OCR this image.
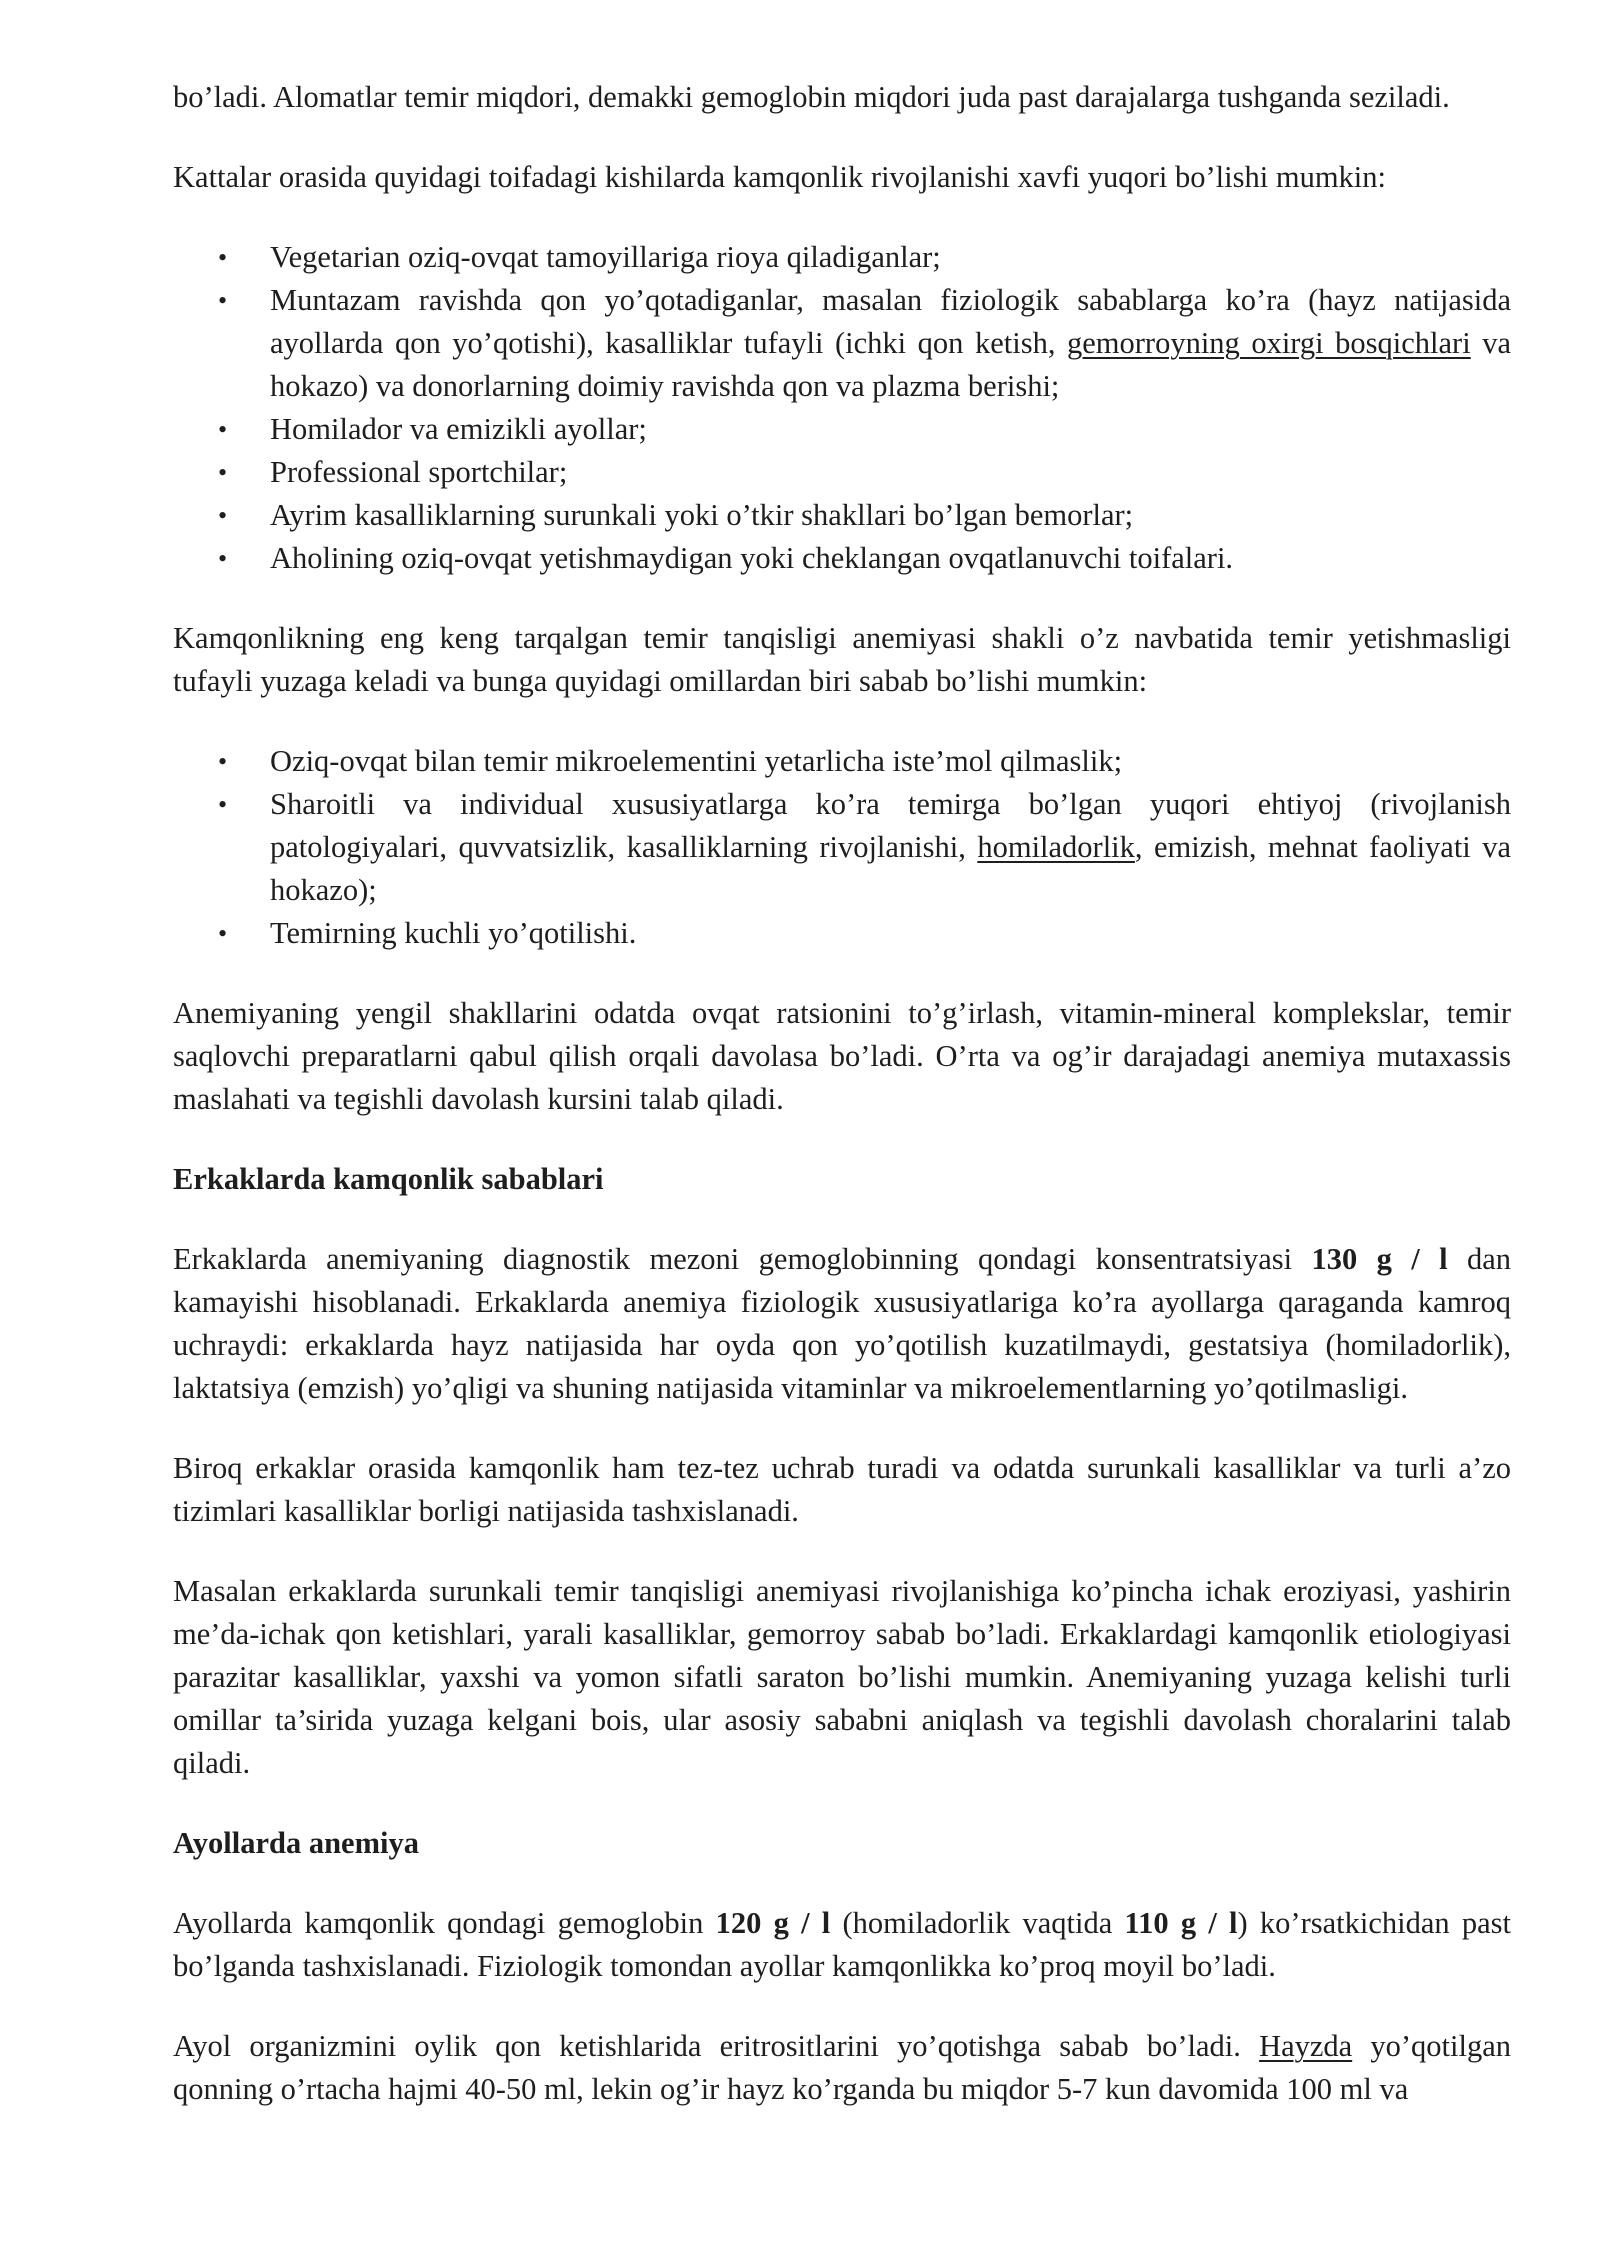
bo’ladi. Alomatlar temir miqdori, demakki gemoglobin miqdori juda past darajalarga tushganda seziladi.

Kattalar orasida quyidagi toifadagi kishilarda kamqonlik rivojlanishi xavfi yuqori bo’lishi mumkin:

• Vegetarian oziq-ovqat tamoyillariga rioya qiladiganlar;
• Muntazam ravishda qon yo’qotadiganlar, masalan fiziologik sabablarga ko’ra (hayz natijasida ayollarda qon yo’qotishi), kasalliklar tufayli (ichki qon ketish, gemorroyning oxirgi bosqichlari va hokazo) va donorlarning doimiy ravishda qon va plazma berishi;
• Homilador va emizikli ayollar;
• Professional sportchilar;
• Ayrim kasalliklarning surunkali yoki o’tkir shakllari bo’lgan bemorlar;
• Aholining oziq-ovqat yetishmaydigan yoki cheklangan ovqatlanuvchi toifalari.

Kamqonlikning eng keng tarqalgan temir tanqisligi anemiyasi shakli o’z navbatida temir yetishmasligi tufayli yuzaga keladi va bunga quyidagi omillardan biri sabab bo’lishi mumkin:

• Oziq-ovqat bilan temir mikroelementini yetarlicha iste’mol qilmaslik;
• Sharoitli va individual xususiyatlarga ko’ra temirga bo’lgan yuqori ehtiyoj (rivojlanish patologiyalari, quvvatsizlik, kasalliklarning rivojlanishi, homiladorlik, emizish, mehnat faoliyati va hokazo);
• Temirning kuchli yo’qotilishi.

Anemiyaning yengil shakllarini odatda ovqat ratsionini to’g’irlash, vitamin-mineral komplekslar, temir saqlovchi preparatlarni qabul qilish orqali davolasa bo’ladi. O’rta va og’ir darajadagi anemiya mutaxassis maslahati va tegishli davolash kursini talab qiladi.

Erkaklarda kamqonlik sabablari

Erkaklarda anemiyaning diagnostik mezoni gemoglobinning qondagi konsentratsiyasi 130 g / l dan kamayishi hisoblanadi. Erkaklarda anemiya fiziologik xususiyatlariga ko’ra ayollarga qaraganda kamroq uchraydi: erkaklarda hayz natijasida har oyda qon yo’qotilish kuzatilmaydi, gestatsiya (homiladorlik), laktatsiya (emzish) yo’qligi va shuning natijasida vitaminlar va mikroelementlarning yo’qotilmasligi.

Biroq erkaklar orasida kamqonlik ham tez-tez uchrab turadi va odatda surunkali kasalliklar va turli a’zo tizimlari kasalliklar borligi natijasida tashxislanadi.

Masalan erkaklarda surunkali temir tanqisligi anemiyasi rivojlanishiga ko’pincha ichak eroziyasi, yashirin me’da-ichak qon ketishlari, yarali kasalliklar, gemorroy sabab bo’ladi. Erkaklardagi kamqonlik etiologiyasi parazitar kasalliklar, yaxshi va yomon sifatli saraton bo’lishi mumkin. Anemiyaning yuzaga kelishi turli omillar ta’sirida yuzaga kelgani bois, ular asosiy sababni aniqlash va tegishli davolash choralarini talab qiladi.

Ayollarda anemiya

Ayollarda kamqonlik qondagi gemoglobin 120 g / l (homiladorlik vaqtida 110 g / l) ko’rsatkichidan past bo’lganda tashxislanadi. Fiziologik tomondan ayollar kamqonlikka ko’proq moyil bo’ladi.

Ayol organizmini oylik qon ketishlarida eritrositlarini yo’qotishga sabab bo’ladi. Hayzda yo’qotilgan qonning o’rtacha hajmi 40-50 ml, lekin og’ir hayz ko’rganda bu miqdor 5-7 kun davomida 100 ml va
